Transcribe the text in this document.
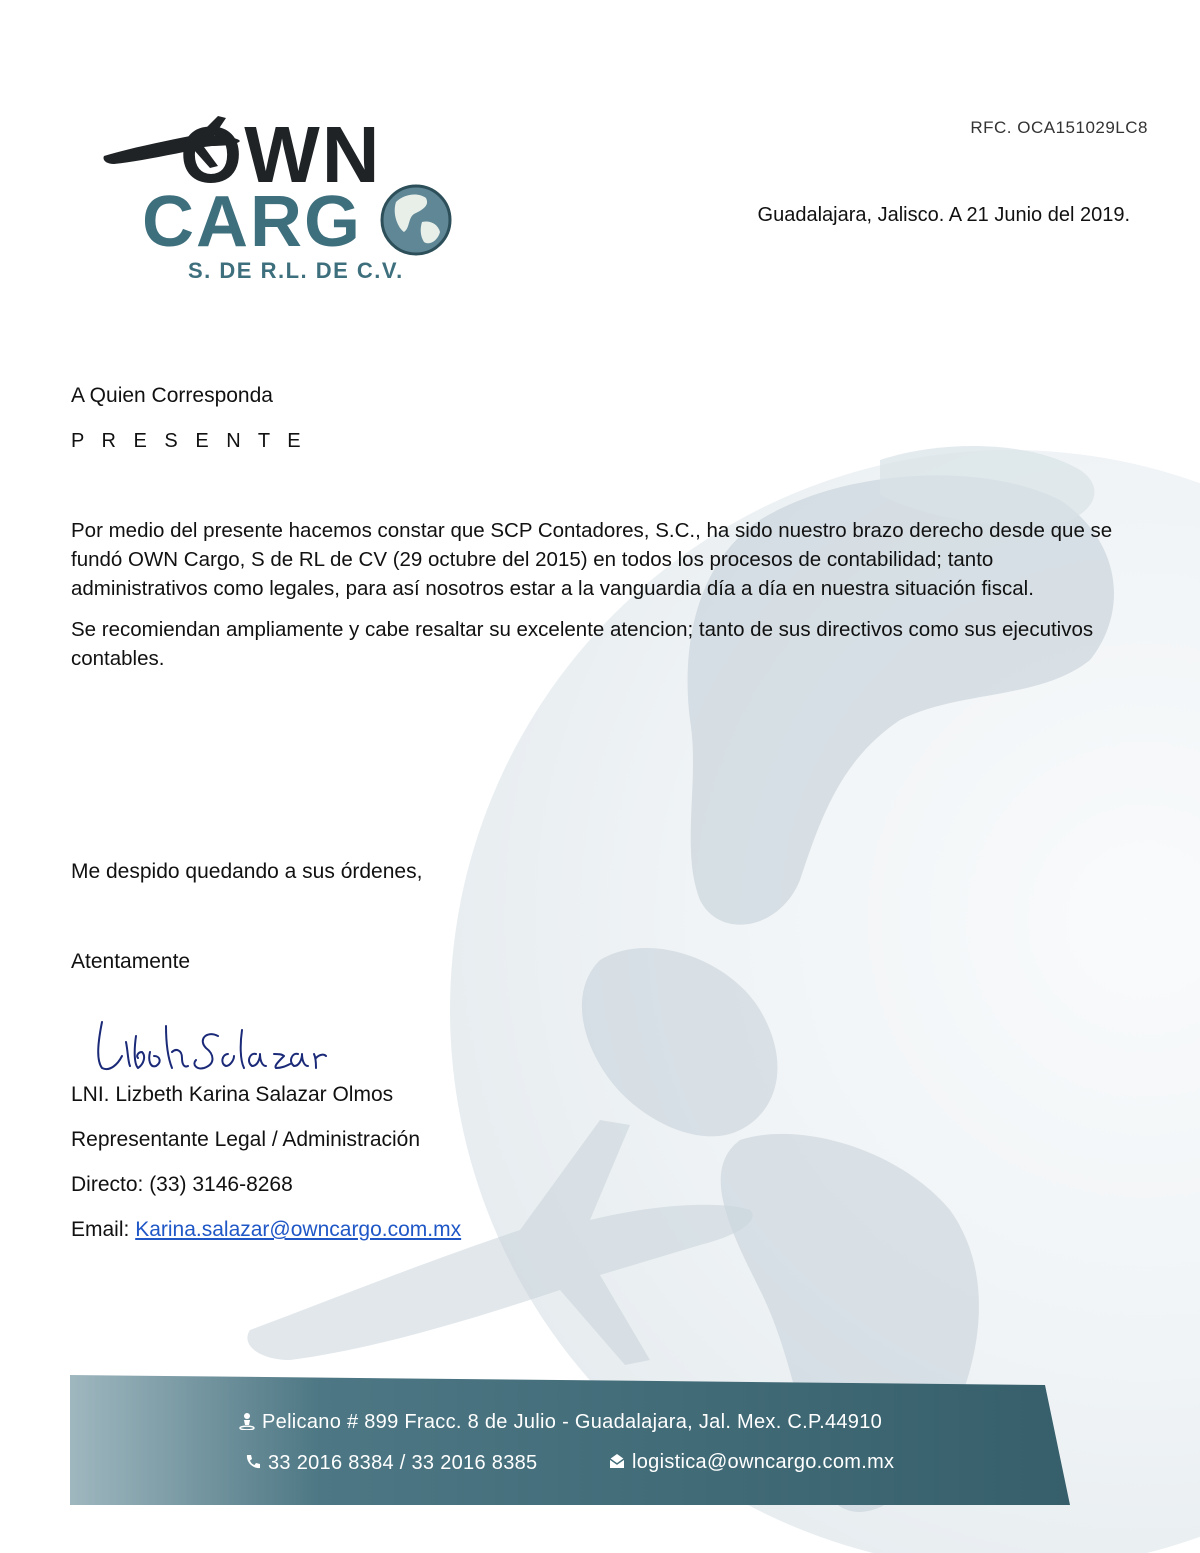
OWN
CARG
S. DE R.L. DE C.V.
RFC. OCA151029LC8
Guadalajara, Jalisco. A 21 Junio del 2019.
A Quien Corresponda
P R E S E N T E

Por medio del presente hacemos constar que SCP Contadores, S.C., ha sido nuestro brazo derecho desde que se fundó OWN Cargo, S de RL de CV (29 octubre del 2015) en todos los procesos de contabilidad; tanto administrativos como legales, para así nosotros estar a la vanguardia día a día en nuestra situación fiscal.

Se recomiendan ampliamente y cabe resaltar su excelente atencion; tanto de sus directivos como sus ejecutivos contables.

Me despido quedando a sus órdenes,
Atentamente
LNI. Lizbeth Karina Salazar Olmos
Representante Legal / Administración
Directo: (33) 3146-8268
Email: Karina.salazar@owncargo.com.mx
Pelicano # 899 Fracc. 8 de Julio - Guadalajara, Jal. Mex. C.P.44910
33 2016 8384 / 33 2016 8385	logistica@owncargo.com.mx
